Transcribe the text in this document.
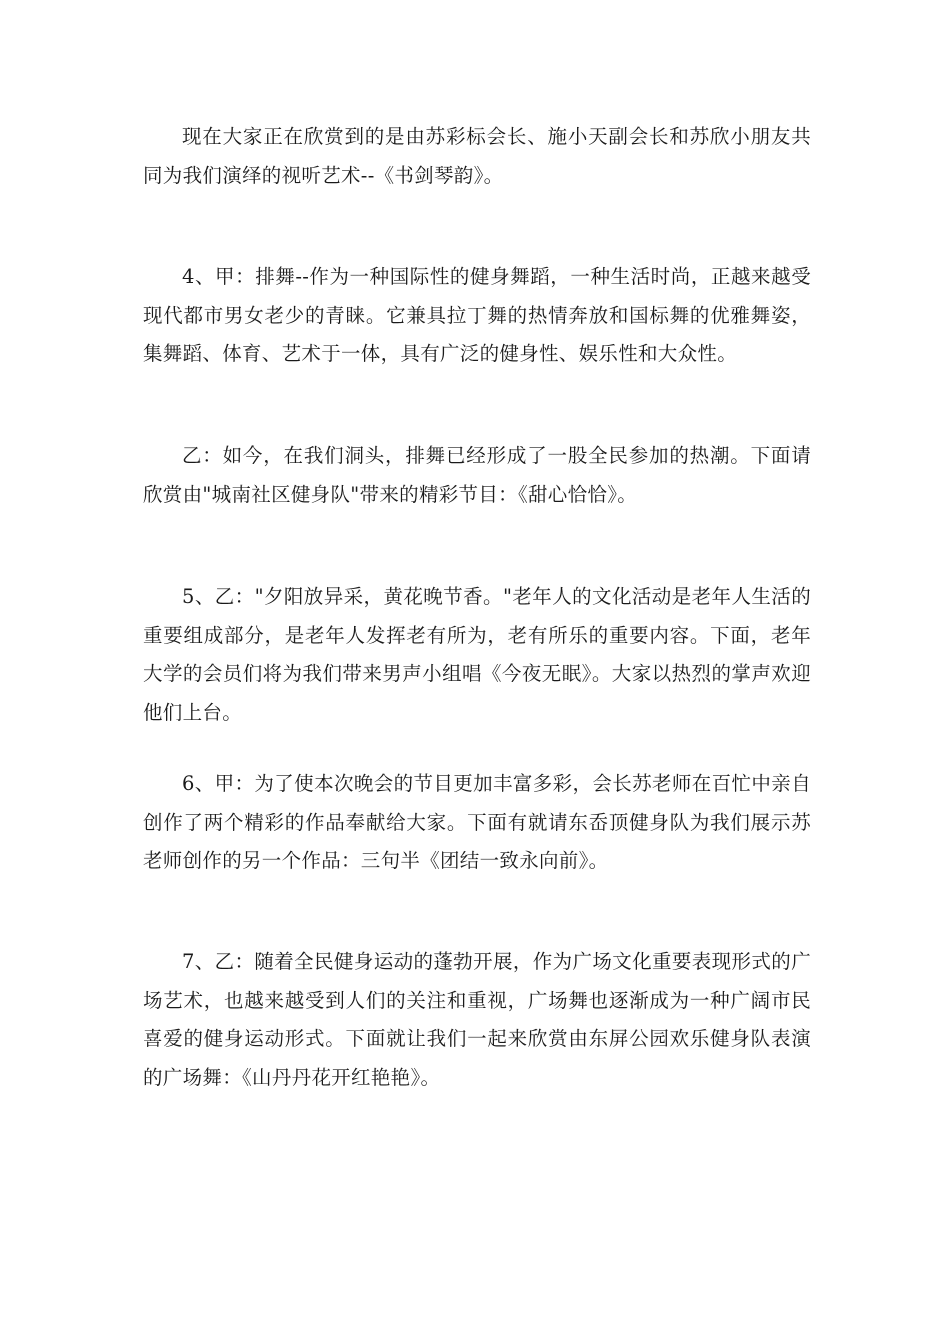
现在大家正在欣赏到的是由苏彩标会长、施小天副会长和苏欣小朋友共同为我们演绎的视听艺术--《书剑琴韵》。

4、甲：排舞--作为一种国际性的健身舞蹈，一种生活时尚，正越来越受现代都市男女老少的青睐。它兼具拉丁舞的热情奔放和国标舞的优雅舞姿，集舞蹈、体育、艺术于一体，具有广泛的健身性、娱乐性和大众性。

乙：如今，在我们洞头，排舞已经形成了一股全民参加的热潮。下面请欣赏由"城南社区健身队"带来的精彩节目：《甜心恰恰》。

5、乙："夕阳放异采，黄花晚节香。"老年人的文化活动是老年人生活的重要组成部分，是老年人发挥老有所为，老有所乐的重要内容。下面，老年大学的会员们将为我们带来男声小组唱《今夜无眠》。大家以热烈的掌声欢迎他们上台。

6、甲：为了使本次晚会的节目更加丰富多彩，会长苏老师在百忙中亲自创作了两个精彩的作品奉献给大家。下面有就请东岙顶健身队为我们展示苏老师创作的另一个作品：三句半《团结一致永向前》。

7、乙：随着全民健身运动的蓬勃开展，作为广场文化重要表现形式的广场艺术，也越来越受到人们的关注和重视，广场舞也逐渐成为一种广阔市民喜爱的健身运动形式。下面就让我们一起来欣赏由东屏公园欢乐健身队表演的广场舞：《山丹丹花开红艳艳》。
